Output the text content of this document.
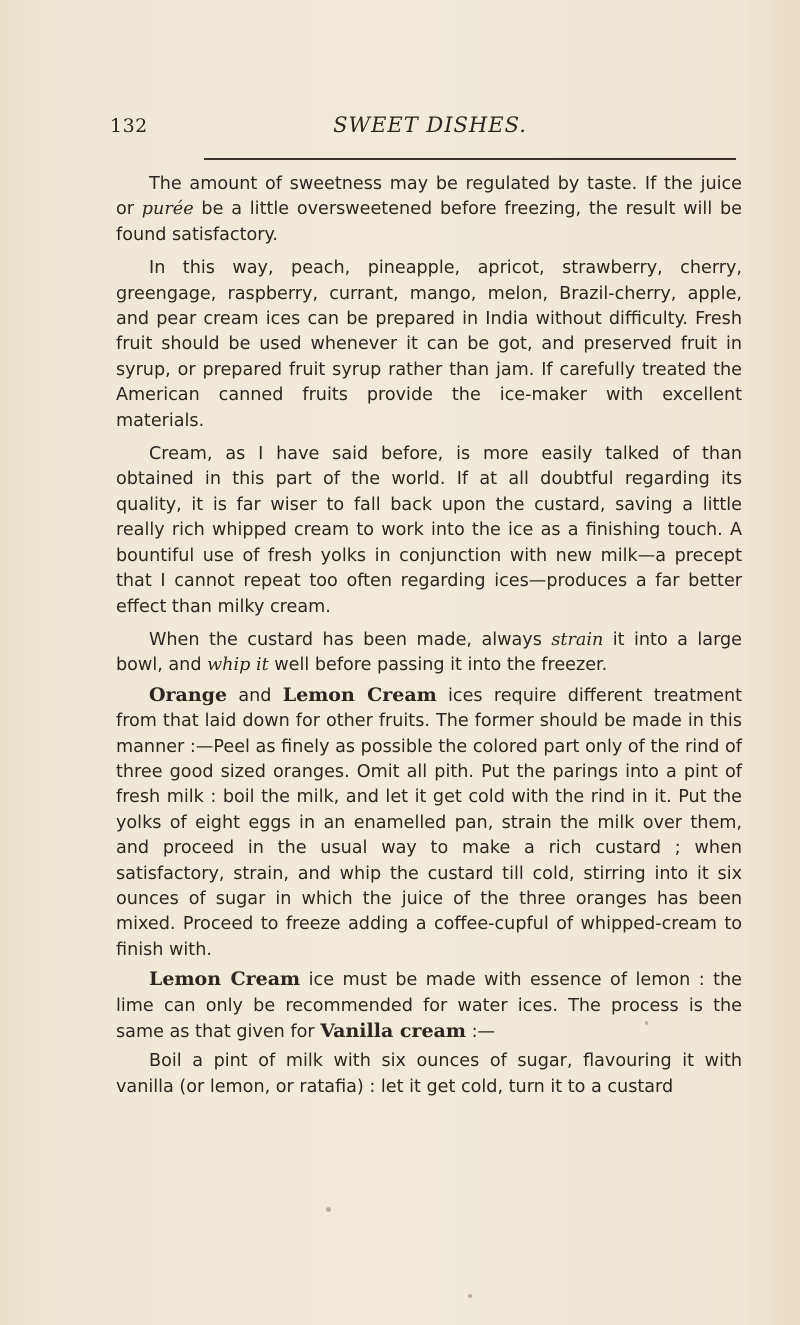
132	SWEET DISHES.

The amount of sweetness may be regulated by taste. If the juice or purée be a little oversweetened before freezing, the result will be found satisfactory.

In this way, peach, pineapple, apricot, strawberry, cherry, greengage, raspberry, currant, mango, melon, Brazil-cherry, apple, and pear cream ices can be prepared in India without difficulty. Fresh fruit should be used whenever it can be got, and preserved fruit in syrup, or prepared fruit syrup rather than jam. If carefully treated the American canned fruits provide the ice-maker with excellent materials.

Cream, as I have said before, is more easily talked of than obtained in this part of the world. If at all doubtful regarding its quality, it is far wiser to fall back upon the custard, saving a little really rich whipped cream to work into the ice as a finishing touch. A bountiful use of fresh yolks in conjunction with new milk—a precept that I cannot repeat too often regarding ices—produces a far better effect than milky cream.

When the custard has been made, always strain it into a large bowl, and whip it well before passing it into the freezer.

Orange and Lemon Cream ices require different treatment from that laid down for other fruits. The former should be made in this manner :—Peel as finely as possible the colored part only of the rind of three good sized oranges. Omit all pith. Put the parings into a pint of fresh milk : boil the milk, and let it get cold with the rind in it. Put the yolks of eight eggs in an enamelled pan, strain the milk over them, and proceed in the usual way to make a rich custard ; when satisfactory, strain, and whip the custard till cold, stirring into it six ounces of sugar in which the juice of the three oranges has been mixed. Proceed to freeze adding a coffee-cupful of whipped-cream to finish with.

Lemon Cream ice must be made with essence of lemon : the lime can only be recommended for water ices. The process is the same as that given for Vanilla cream :—

Boil a pint of milk with six ounces of sugar, flavouring it with vanilla (or lemon, or ratafia) : let it get cold, turn it to a custard
